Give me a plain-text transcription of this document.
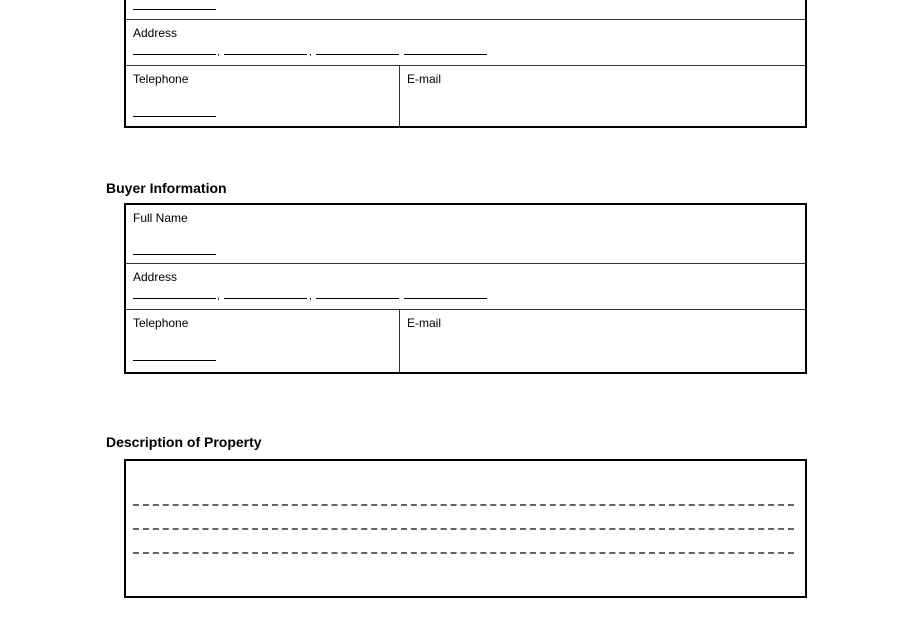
Address
,	,
Telephone	E-mail
Buyer Information
Full Name
Address
,	,
Telephone	E-mail
Description of Property
